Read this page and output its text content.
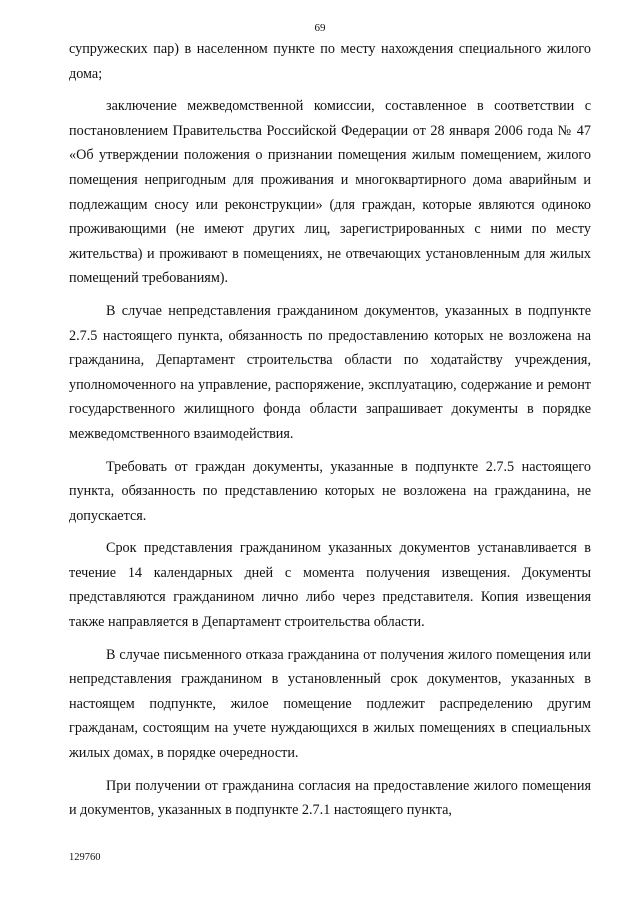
69

супружеских пар) в населенном пункте по месту нахождения специального жилого дома;

заключение межведомственной комиссии, составленное в соответствии с постановлением Правительства Российской Федерации от 28 января 2006 года № 47 «Об утверждении положения о признании помещения жилым помещением, жилого помещения непригодным для проживания и многоквартирного дома аварийным и подлежащим сносу или реконструкции» (для граждан, которые являются одиноко проживающими (не имеют других лиц, зарегистрированных с ними по месту жительства) и проживают в помещениях, не отвечающих установленным для жилых помещений требованиям).

В случае непредставления гражданином документов, указанных в подпункте 2.7.5 настоящего пункта, обязанность по предоставлению которых не возложена на гражданина, Департамент строительства области по ходатайству учреждения, уполномоченного на управление, распоряжение, эксплуатацию, содержание и ремонт государственного жилищного фонда области запрашивает документы в порядке межведомственного взаимодействия.

Требовать от граждан документы, указанные в подпункте 2.7.5 настоящего пункта, обязанность по представлению которых не возложена на гражданина, не допускается.

Срок представления гражданином указанных документов устанавливается в течение 14 календарных дней с момента получения извещения. Документы представляются гражданином лично либо через представителя. Копия извещения также направляется в Департамент строительства области.

В случае письменного отказа гражданина от получения жилого помещения или непредставления гражданином в установленный срок документов, указанных в настоящем подпункте, жилое помещение подлежит распределению другим гражданам, состоящим на учете нуждающихся в жилых помещениях в специальных жилых домах, в порядке очередности.

При получении от гражданина согласия на предоставление жилого помещения и документов, указанных в подпункте 2.7.1 настоящего пункта,

129760
